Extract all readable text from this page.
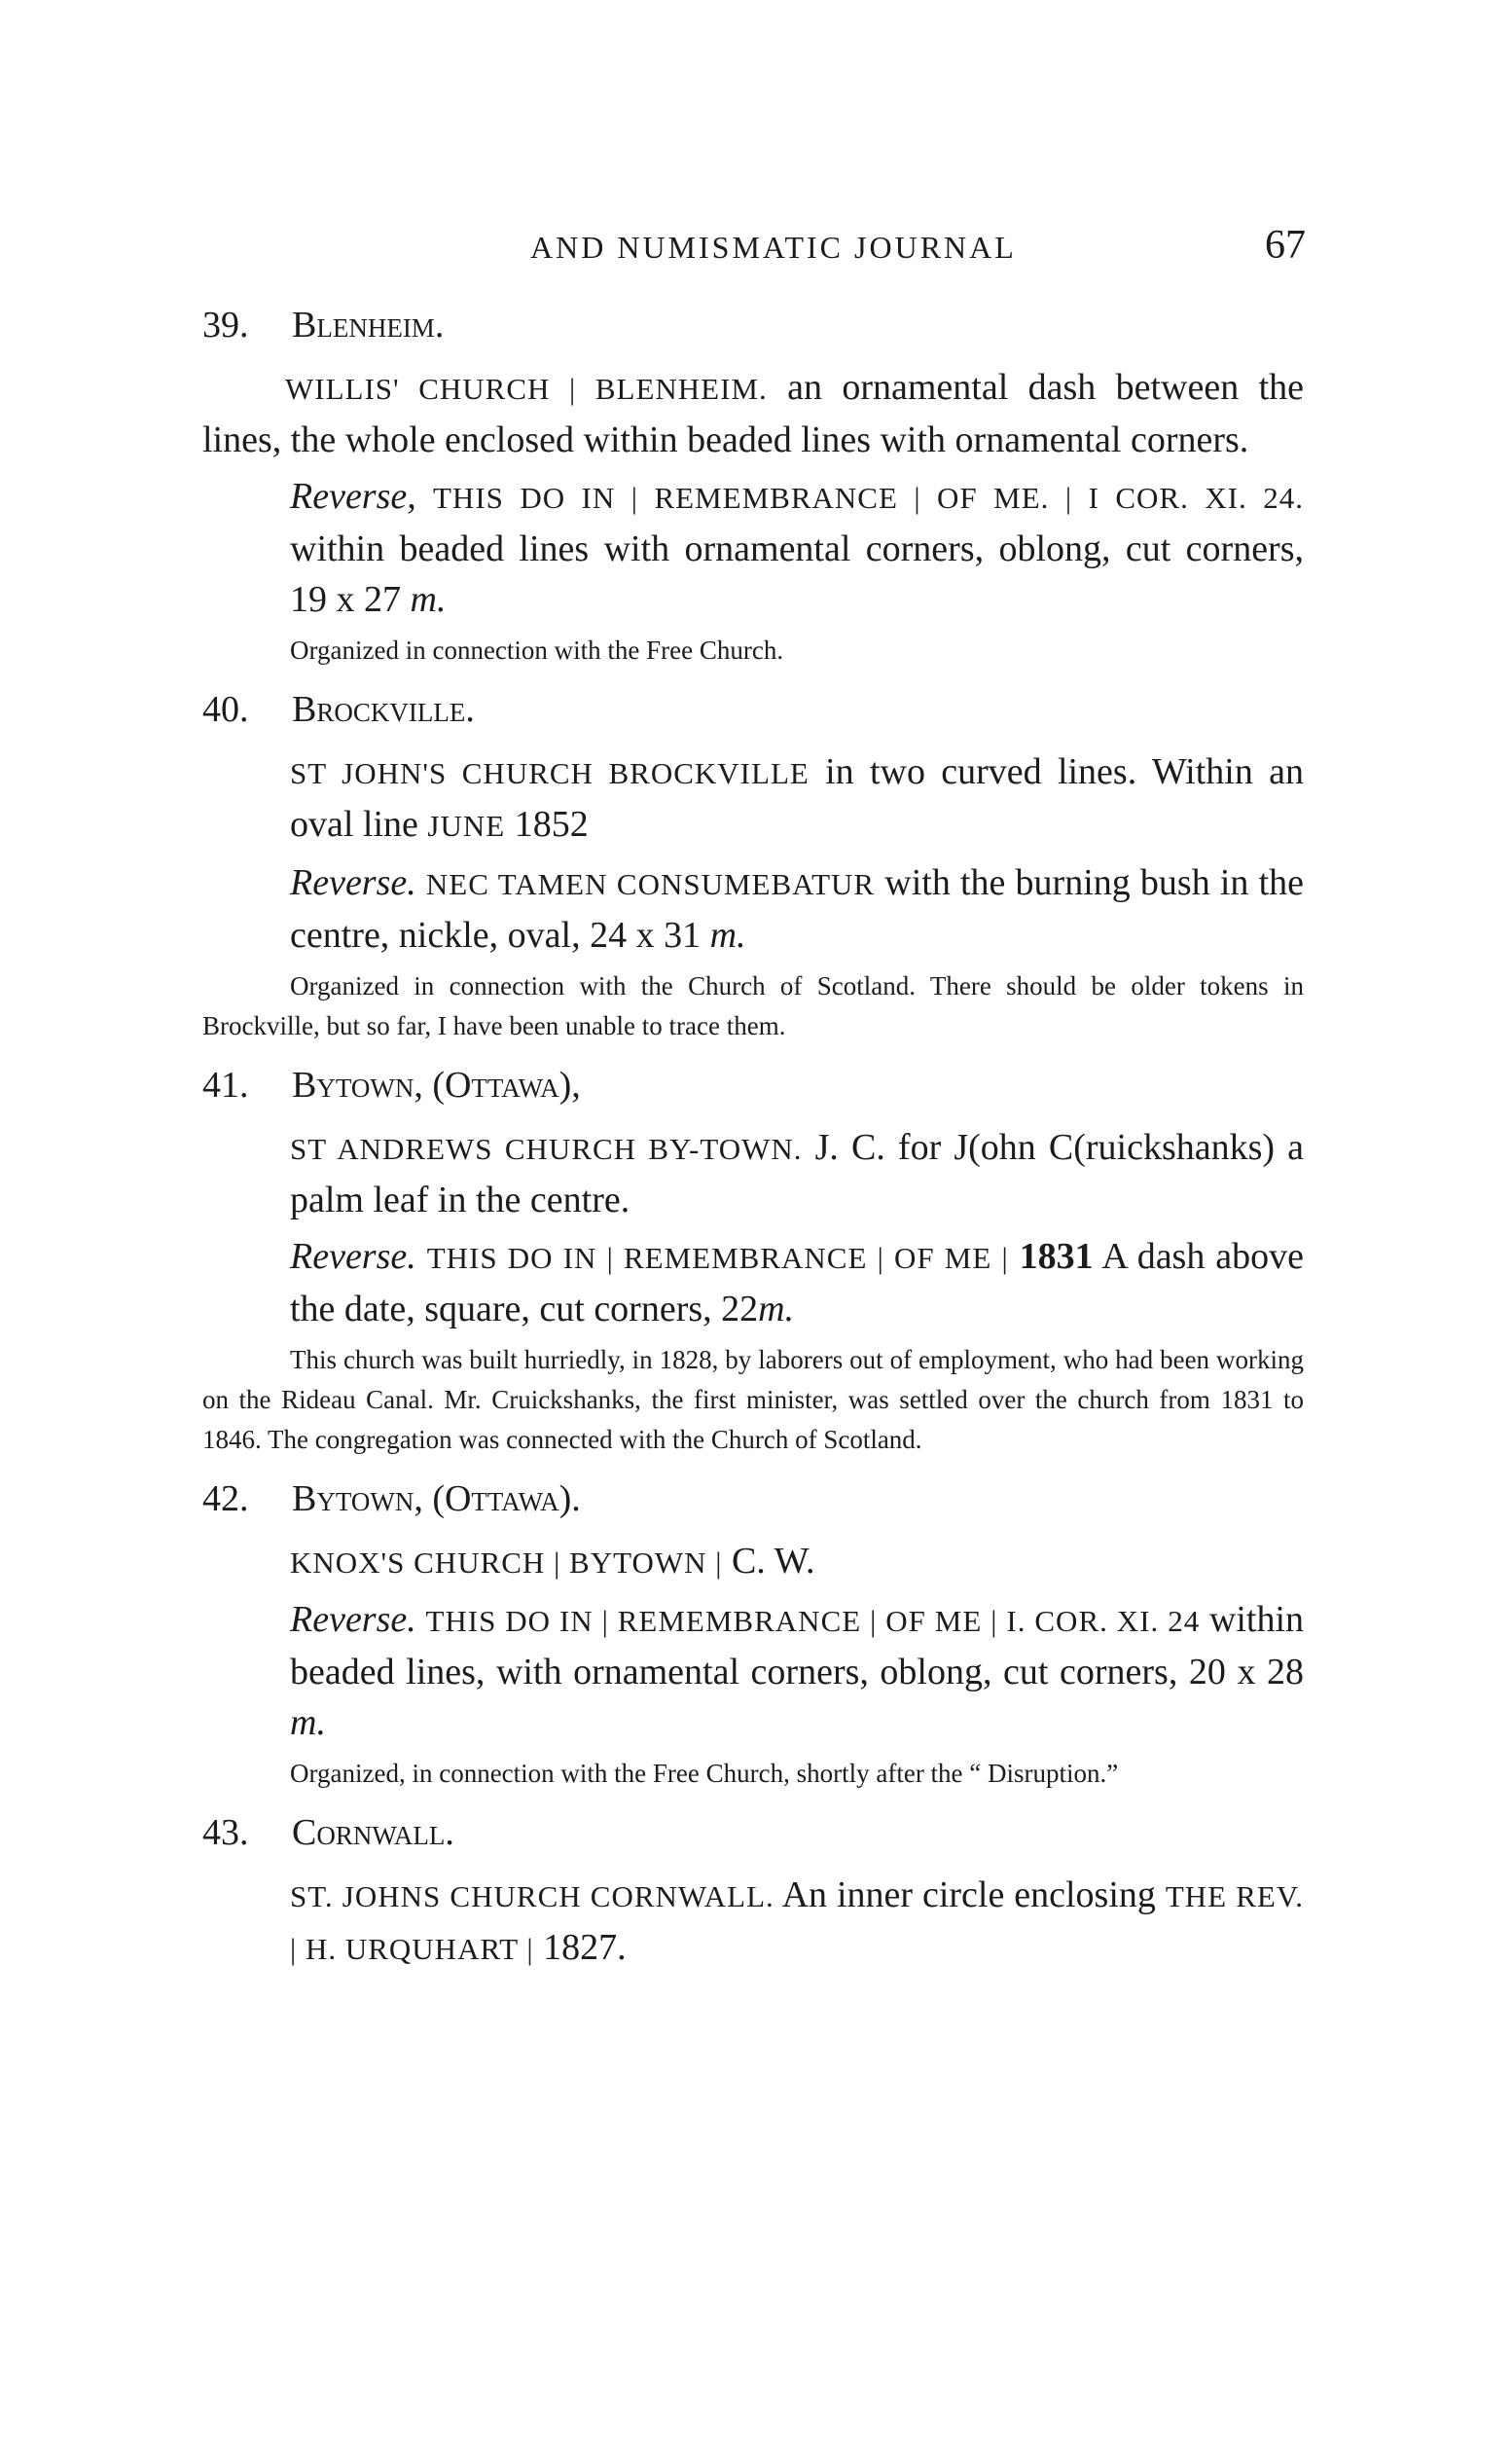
AND NUMISMATIC JOURNAL	67
39. Blenheim.

WILLIS' CHURCH | BLENHEIM. an ornamental dash between the lines, the whole enclosed within beaded lines with ornamental corners.

Reverse, THIS DO IN | REMEMBRANCE | OF ME. | I COR. XI. 24. within beaded lines with ornamental corners, oblong, cut corners, 19 x 27 m.

Organized in connection with the Free Church.

40. Brockville.

ST JOHN'S CHURCH BROCKVILLE in two curved lines. Within an oval line JUNE 1852

Reverse. NEC TAMEN CONSUMEBATUR with the burning bush in the centre, nickle, oval, 24 x 31 m.

Organized in connection with the Church of Scotland. There should be older tokens in Brockville, but so far, I have been unable to trace them.

41. Bytown, (Ottawa),

ST ANDREWS CHURCH BY-TOWN. J. C. for J(ohn C(ruickshanks) a palm leaf in the centre.

Reverse. THIS DO IN | REMEMBRANCE | OF ME | 1831 A dash above the date, square, cut corners, 22m.

This church was built hurriedly, in 1828, by laborers out of employment, who had been working on the Rideau Canal. Mr. Cruickshanks, the first minister, was settled over the church from 1831 to 1846. The congregation was connected with the Church of Scotland.

42. Bytown, (Ottawa).

KNOX'S CHURCH | BYTOWN | C. W.

Reverse. THIS DO IN | REMEMBRANCE | OF ME | I. COR. XI. 24 within beaded lines, with ornamental corners, oblong, cut corners, 20 x 28 m.

Organized, in connection with the Free Church, shortly after the “ Disruption.”

43. Cornwall.

ST. JOHNS CHURCH CORNWALL. An inner circle enclosing THE REV. | H. URQUHART | 1827.
